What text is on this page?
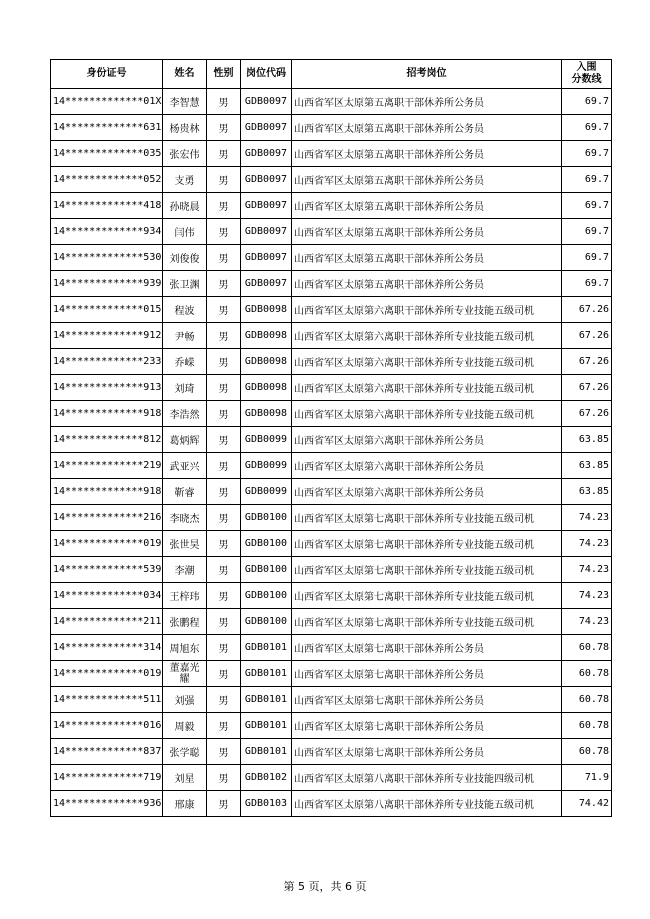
身份证号	姓名	性别	岗位代码	招考岗位	入围
分数线

14*************01X	李智慧	男	GDB0097	山西省军区太原第五离职干部休养所公务员	69.7
14*************631	杨贵林	男	GDB0097	山西省军区太原第五离职干部休养所公务员	69.7
14*************035	张宏伟	男	GDB0097	山西省军区太原第五离职干部休养所公务员	69.7
14*************052	支勇	男	GDB0097	山西省军区太原第五离职干部休养所公务员	69.7
14*************418	孙晓晨	男	GDB0097	山西省军区太原第五离职干部休养所公务员	69.7
14*************934	闫伟	男	GDB0097	山西省军区太原第五离职干部休养所公务员	69.7
14*************530	刘俊俊	男	GDB0097	山西省军区太原第五离职干部休养所公务员	69.7
14*************939	张卫渊	男	GDB0097	山西省军区太原第五离职干部休养所公务员	69.7
14*************015	程波	男	GDB0098	山西省军区太原第六离职干部休养所专业技能五级司机	67.26
14*************912	尹畅	男	GDB0098	山西省军区太原第六离职干部休养所专业技能五级司机	67.26
14*************233	乔嵘	男	GDB0098	山西省军区太原第六离职干部休养所专业技能五级司机	67.26
14*************913	刘琦	男	GDB0098	山西省军区太原第六离职干部休养所专业技能五级司机	67.26
14*************918	李浩然	男	GDB0098	山西省军区太原第六离职干部休养所专业技能五级司机	67.26
14*************812	葛炳辉	男	GDB0099	山西省军区太原第六离职干部休养所公务员	63.85
14*************219	武亚兴	男	GDB0099	山西省军区太原第六离职干部休养所公务员	63.85
14*************918	靳睿	男	GDB0099	山西省军区太原第六离职干部休养所公务员	63.85
14*************216	李晓杰	男	GDB0100	山西省军区太原第七离职干部休养所专业技能五级司机	74.23
14*************019	张世昊	男	GDB0100	山西省军区太原第七离职干部休养所专业技能五级司机	74.23
14*************539	李潮	男	GDB0100	山西省军区太原第七离职干部休养所专业技能五级司机	74.23
14*************034	王梓玮	男	GDB0100	山西省军区太原第七离职干部休养所专业技能五级司机	74.23
14*************211	张鹏程	男	GDB0100	山西省军区太原第七离职干部休养所专业技能五级司机	74.23
14*************314	周旭东	男	GDB0101	山西省军区太原第七离职干部休养所公务员	60.78
14*************019	董嘉光耀	男	GDB0101	山西省军区太原第七离职干部休养所公务员	60.78
14*************511	刘强	男	GDB0101	山西省军区太原第七离职干部休养所公务员	60.78
14*************016	周毅	男	GDB0101	山西省军区太原第七离职干部休养所公务员	60.78
14*************837	张学聪	男	GDB0101	山西省军区太原第七离职干部休养所公务员	60.78
14*************719	刘星	男	GDB0102	山西省军区太原第八离职干部休养所专业技能四级司机	71.9
14*************936	邢康	男	GDB0103	山西省军区太原第八离职干部休养所专业技能五级司机	74.42
第 5 页，共 6 页
